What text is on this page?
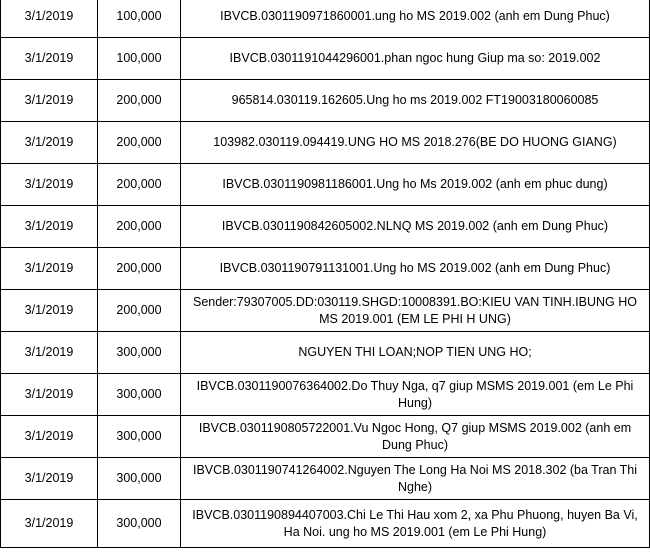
3/1/2019	100,000	IBVCB.0301190971860001.ung ho MS 2019.002 (anh em Dung Phuc)
3/1/2019	100,000	IBVCB.0301191044296001.phan ngoc hung Giup ma so: 2019.002
3/1/2019	200,000	965814.030119.162605.Ung ho ms 2019.002 FT19003180060085
3/1/2019	200,000	103982.030119.094419.UNG HO MS 2018.276(BE DO HUONG GIANG)
3/1/2019	200,000	IBVCB.0301190981186001.Ung ho Ms 2019.002 (anh em phuc dung)
3/1/2019	200,000	IBVCB.0301190842605002.NLNQ MS 2019.002 (anh em Dung Phuc)
3/1/2019	200,000	IBVCB.0301190791131001.Ung ho MS 2019.002 (anh em Dung Phuc)
3/1/2019	200,000	Sender:79307005.DD:030119.SHGD:10008391.BO:KIEU VAN TINH.IBUNG HO MS 2019.001 (EM LE PHI H UNG)
3/1/2019	300,000	NGUYEN THI LOAN;NOP TIEN UNG HO;
3/1/2019	300,000	IBVCB.0301190076364002.Do Thuy Nga, q7 giup MSMS 2019.001 (em Le Phi Hung)
3/1/2019	300,000	IBVCB.0301190805722001.Vu Ngoc Hong, Q7 giup MSMS 2019.002 (anh em Dung Phuc)
3/1/2019	300,000	IBVCB.0301190741264002.Nguyen The Long Ha Noi MS 2018.302 (ba Tran Thi Nghe)
3/1/2019	300,000	IBVCB.0301190894407003.Chi Le Thi Hau xom 2, xa Phu Phuong, huyen Ba Vi, Ha Noi. ung ho MS 2019.001 (em Le Phi Hung)
